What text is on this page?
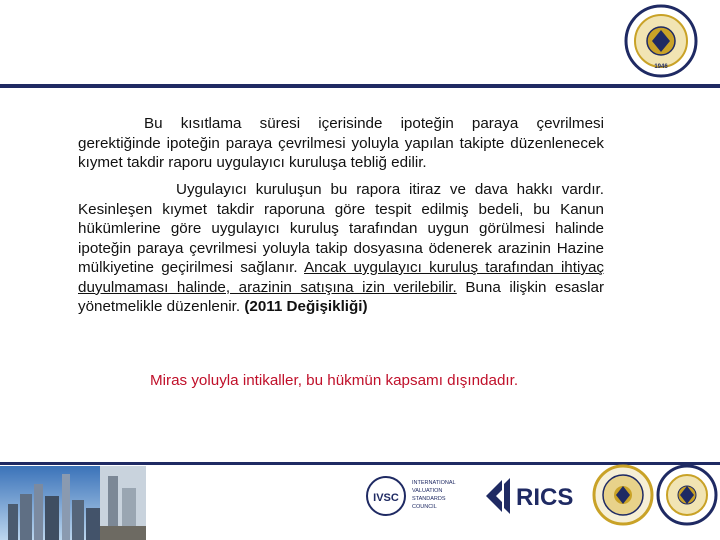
1946
Bu kısıtlama süresi içerisinde ipoteğin paraya çevrilmesi gerektiğinde ipoteğin paraya çevrilmesi yoluyla yapılan takipte düzenlenecek kıymet takdir raporu uygulayıcı kuruluşa tebliğ edilir.
Uygulayıcı kuruluşun bu rapora itiraz ve dava hakkı vardır. Kesinleşen kıymet takdir raporuna göre tespit edilmiş bedeli, bu Kanun hükümlerine göre uygulayıcı kuruluş tarafından uygun görülmesi halinde ipoteğin paraya çevrilmesi yoluyla takip dosyasına ödenerek arazinin Hazine mülkiyetine geçirilmesi sağlanır. Ancak uygulayıcı kuruluş tarafından ihtiyaç duyulmaması halinde, arazinin satışına izin verilebilir. Buna ilişkin esaslar yönetmelikle düzenlenir. (2011 Değişikliği)
Miras yoluyla intikaller, bu hükmün kapsamı dışındadır.
IVSC
INTERNATIONAL
VALUATION
STANDARDS
COUNCIL	RICS
